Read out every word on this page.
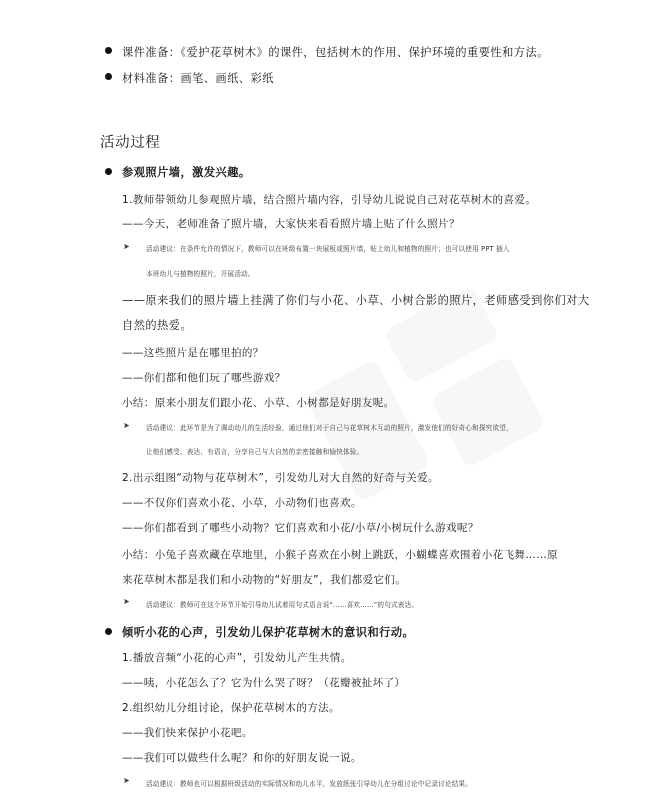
课件准备：《爱护花草树木》的课件，包括树木的作用、保护环境的重要性和方法。
材料准备：画笔、画纸、彩纸
活动过程
参观照片墙，激发兴趣。
1.教师带领幼儿参观照片墙，结合照片墙内容，引导幼儿说说自己对花草树木的喜爱。
——今天，老师准备了照片墙，大家快来看看照片墙上贴了什么照片？
➤ 活动建议：在条件允许的情况下，教师可以在班级布置一块展板或照片墙，贴上幼儿和植物的照片；也可以使用 PPT 插入
本班幼儿与植物的照片，开展活动。
——原来我们的照片墙上挂满了你们与小花、小草、小树合影的照片，老师感受到你们对大
自然的热爱。
——这些照片是在哪里拍的？
——你们都和他们玩了哪些游戏？
小结：原来小朋友们跟小花、小草、小树都是好朋友呢。
➤ 活动建议：此环节是为了调动幼儿的生活经验，通过他们对于自己与花草树木互动的照片，激发他们的好奇心和探究欲望，
让他们感受、表达、有语言，分享自己与大自然的亲密接触和愉快体验。
2.出示组图“动物与花草树木”，引发幼儿对大自然的好奇与关爱。
——不仅你们喜欢小花、小草，小动物们也喜欢。
——你们都看到了哪些小动物？它们喜欢和小花/小草/小树玩什么游戏呢？
小结：小兔子喜欢藏在草地里，小猴子喜欢在小树上跳跃，小蝴蝶喜欢围着小花飞舞……原
来花草树木都是我们和小动物的“好朋友”，我们都爱它们。
➤ 活动建议：教师可在这个环节开始引导幼儿试着用句式语言说“……喜欢……”的句式表达。
倾听小花的心声，引发幼儿保护花草树木的意识和行动。
1.播放音频“小花的心声”，引发幼儿产生共情。
——咦，小花怎么了？它为什么哭了呀？（花瓣被扯坏了）
2.组织幼儿分组讨论，保护花草树木的方法。
——我们快来保护小花吧。
——我们可以做些什么呢？和你的好朋友说一说。
➤ 活动建议：教师也可以根据班级活动的实际情况和幼儿水平，发放纸张引导幼儿在分组讨论中记录讨论结果。
